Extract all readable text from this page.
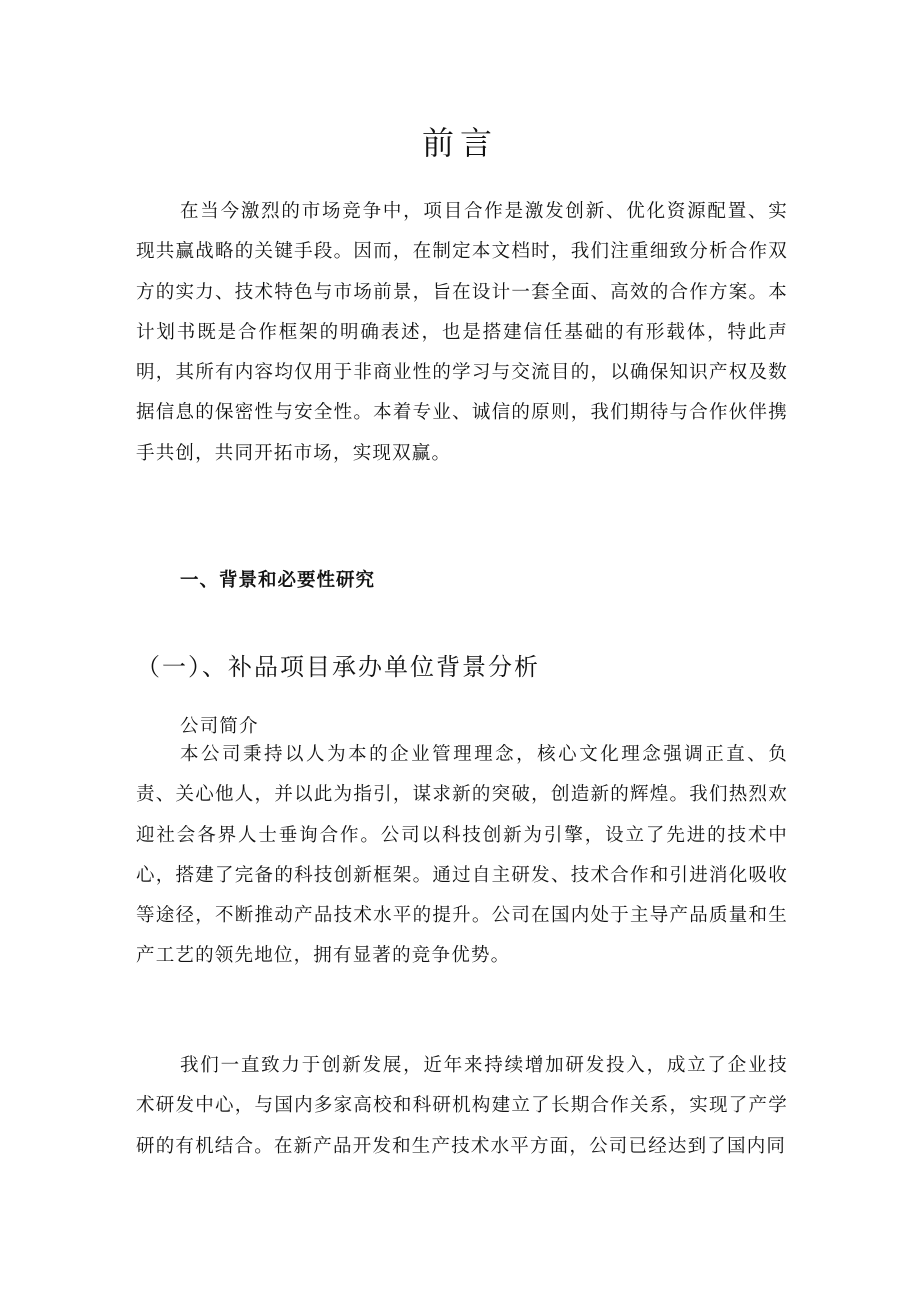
前言

在当今激烈的市场竞争中，项目合作是激发创新、优化资源配置、实现共赢战略的关键手段。因而，在制定本文档时，我们注重细致分析合作双方的实力、技术特色与市场前景，旨在设计一套全面、高效的合作方案。本计划书既是合作框架的明确表述，也是搭建信任基础的有形载体，特此声明，其所有内容均仅用于非商业性的学习与交流目的，以确保知识产权及数据信息的保密性与安全性。本着专业、诚信的原则，我们期待与合作伙伴携手共创，共同开拓市场，实现双赢。

一、背景和必要性研究
（一）、补品项目承办单位背景分析
公司简介

本公司秉持以人为本的企业管理理念，核心文化理念强调正直、负责、关心他人，并以此为指引，谋求新的突破，创造新的辉煌。我们热烈欢迎社会各界人士垂询合作。公司以科技创新为引擎，设立了先进的技术中心，搭建了完备的科技创新框架。通过自主研发、技术合作和引进消化吸收等途径，不断推动产品技术水平的提升。公司在国内处于主导产品质量和生产工艺的领先地位，拥有显著的竞争优势。

我们一直致力于创新发展，近年来持续增加研发投入，成立了企业技术研发中心，与国内多家高校和科研机构建立了长期合作关系，实现了产学研的有机结合。在新产品开发和生产技术水平方面，公司已经达到了国内同
